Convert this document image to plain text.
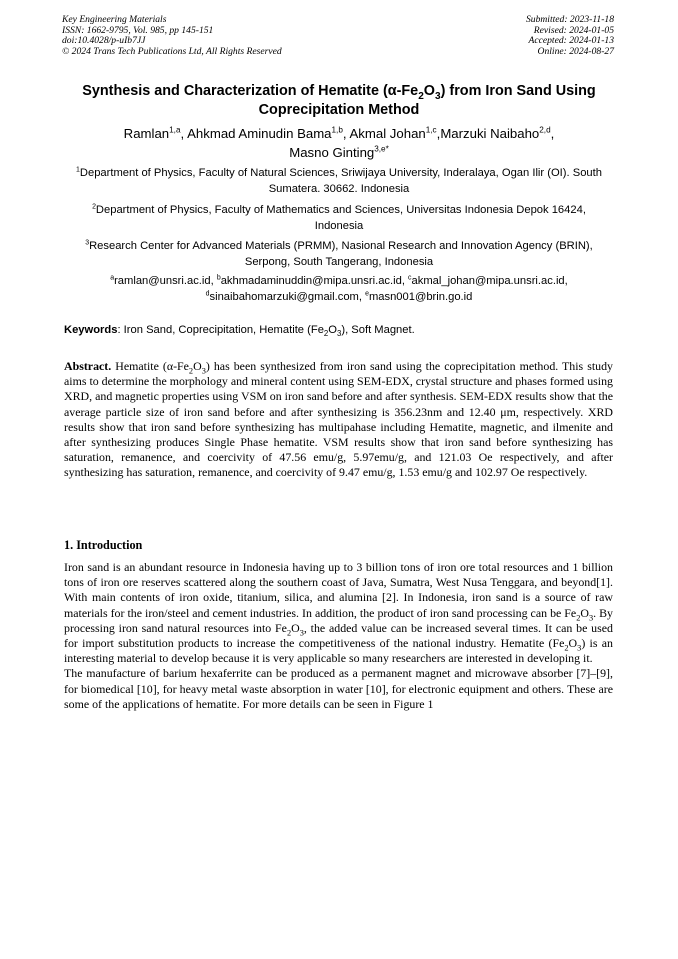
Key Engineering Materials
ISSN: 1662-9795, Vol. 985, pp 145-151
doi:10.4028/p-uIb7JJ
© 2024 Trans Tech Publications Ltd, All Rights Reserved
Submitted: 2023-11-18
Revised: 2024-01-05
Accepted: 2024-01-13
Online: 2024-08-27
Synthesis and Characterization of Hematite $(\alpha-Fe_2O_3)$ from Iron Sand Using Coprecipitation Method
Ramlan$^{1,a}$, Ahkmad Aminudin Bama$^{1,b}$, Akmal Johan$^{1,c}$,Marzuki Naibaho$^{2,d}$,
Masno Ginting$^{3,e*}$
$^1$Department of Physics, Faculty of Natural Sciences, Sriwijaya University, Inderalaya, Ogan Ilir (OI). South Sumatera. 30662. Indonesia
$^2$Department of Physics, Faculty of Mathematics and Sciences, Universitas Indonesia Depok 16424, Indonesia
$^3$Research Center for Advanced Materials (PRMM), Nasional Research and Innovation Agency (BRIN), Serpong, South Tangerang, Indonesia
$^a$ramlan@unsri.ac.id, $^b$akhmadaminuddin@mipa.unsri.ac.id, $^c$akmal_johan@mipa.unsri.ac.id,
$^d$sinaibahomarzuki@gmail.com, $^e$masn001@brin.go.id
Keywords: Iron Sand, Coprecipitation, Hematite $(Fe_2O_3)$, Soft Magnet.
Abstract. Hematite $(\alpha-Fe_2O_3)$ has been synthesized from iron sand using the coprecipitation method. This study aims to determine the morphology and mineral content using SEM-EDX, crystal structure and phases formed using XRD, and magnetic properties using VSM on iron sand before and after synthesis. SEM-EDX results show that the average particle size of iron sand before and after synthesizing is 356.23nm and 12.40 μm, respectively. XRD results show that iron sand before synthesizing has multipahase including Hematite, magnetic, and ilmenite and after synthesizing produces Single Phase hematite. VSM results show that iron sand before synthesizing has saturation, remanence, and coercivity of 47.56 emu/g, 5.97emu/g, and 121.03 Oe respectively, and after synthesizing has saturation, remanence, and coercivity of 9.47 emu/g, 1.53 emu/g and 102.97 Oe respectively.
1. Introduction

Iron sand is an abundant resource in Indonesia having up to 3 billion tons of iron ore total resources and 1 billion tons of iron ore reserves scattered along the southern coast of Java, Sumatra, West Nusa Tenggara, and beyond[1]. With main contents of iron oxide, titanium, silica, and alumina [2]. In Indonesia, iron sand is a source of raw materials for the iron/steel and cement industries. In addition, the product of iron sand processing can be $Fe_2O_3$. By processing iron sand natural resources into $Fe_2O_3$, the added value can be increased several times. It can be used for import substitution products to increase the competitiveness of the national industry. Hematite $(Fe_2O_3)$ is an interesting material to develop because it is very applicable so many researchers are interested in developing it.

The manufacture of barium hexaferrite can be produced as a permanent magnet and microwave absorber [7]–[9], for biomedical [10], for heavy metal waste absorption in water [10], for electronic equipment and others. These are some of the applications of hematite. For more details can be seen in Figure 1
